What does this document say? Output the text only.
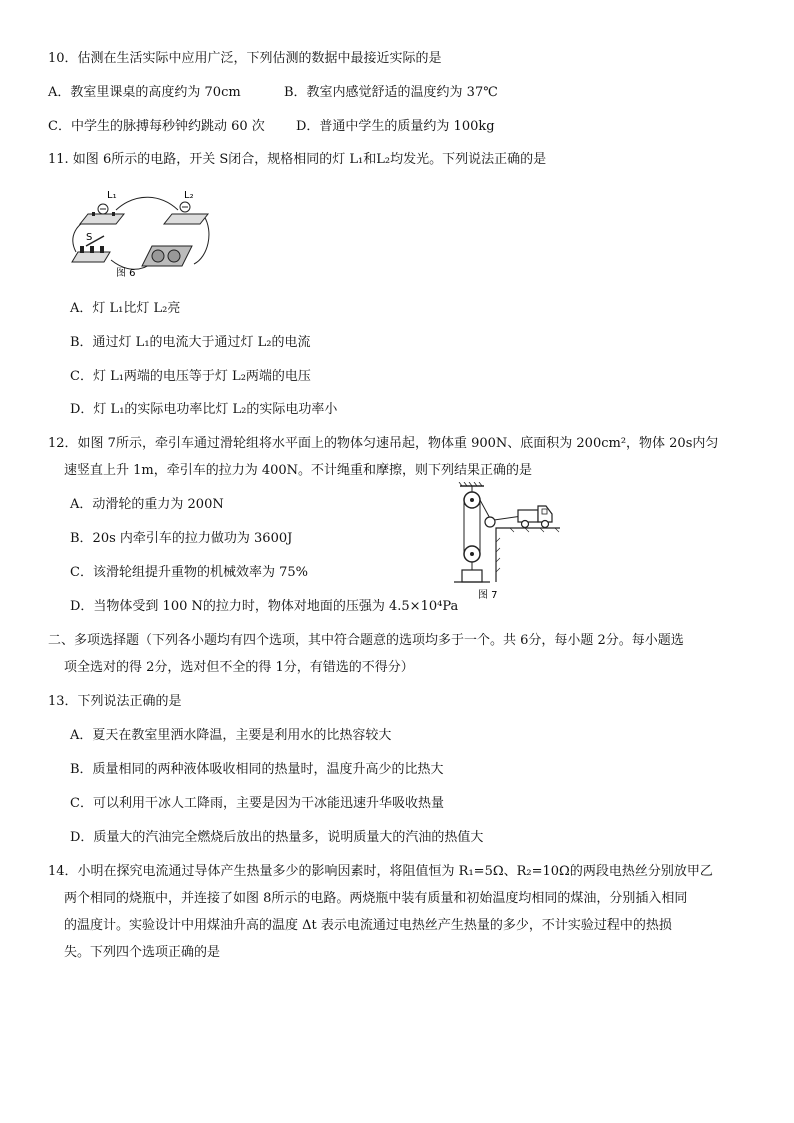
10．估测在生活实际中应用广泛，下列估测的数据中最接近实际的是
A．教室里课桌的高度约为 70cm	B．教室内感觉舒适的温度约为 37℃
C．中学生的脉搏每秒钟约跳动 60 次 D．普通中学生的质量约为 100kg
11. 如图 6所示的电路，开关 S闭合，规格相同的灯 L₁和L₂均发光。下列说法正确的是
L₁	L₂
S
图 6
A．灯 L₁比灯 L₂亮
B．通过灯 L₁的电流大于通过灯 L₂的电流
C．灯 L₁两端的电压等于灯 L₂两端的电压
D．灯 L₁的实际电功率比灯 L₂的实际电功率小
12．如图 7所示，牵引车通过滑轮组将水平面上的物体匀速吊起，物体重 900N、底面积为 200cm²，物体 20s内匀
速竖直上升 1m，牵引车的拉力为 400N。不计绳重和摩擦，则下列结果正确的是
A．动滑轮的重力为 200N
B．20s 内牵引车的拉力做功为 3600J
C．该滑轮组提升重物的机械效率为 75%
D．当物体受到 100 N的拉力时，物体对地面的压强为 4.5×10⁴Pa
图 7
二、多项选择题（下列各小题均有四个选项，其中符合题意的选项均多于一个。共 6分，每小题 2分。每小题选
项全选对的得 2分，选对但不全的得 1分，有错选的不得分）
13．下列说法正确的是
A．夏天在教室里洒水降温，主要是利用水的比热容较大
B．质量相同的两种液体吸收相同的热量时，温度升高少的比热大
C．可以利用干冰人工降雨，主要是因为干冰能迅速升华吸收热量
D．质量大的汽油完全燃烧后放出的热量多，说明质量大的汽油的热值大
14．小明在探究电流通过导体产生热量多少的影响因素时，将阻值恒为 R₁=5Ω、R₂=10Ω的两段电热丝分别放甲乙
两个相同的烧瓶中，并连接了如图 8所示的电路。两烧瓶中装有质量和初始温度均相同的煤油，分别插入相同
的温度计。实验设计中用煤油升高的温度 Δt 表示电流通过电热丝产生热量的多少，不计实验过程中的热损
失。下列四个选项正确的是
